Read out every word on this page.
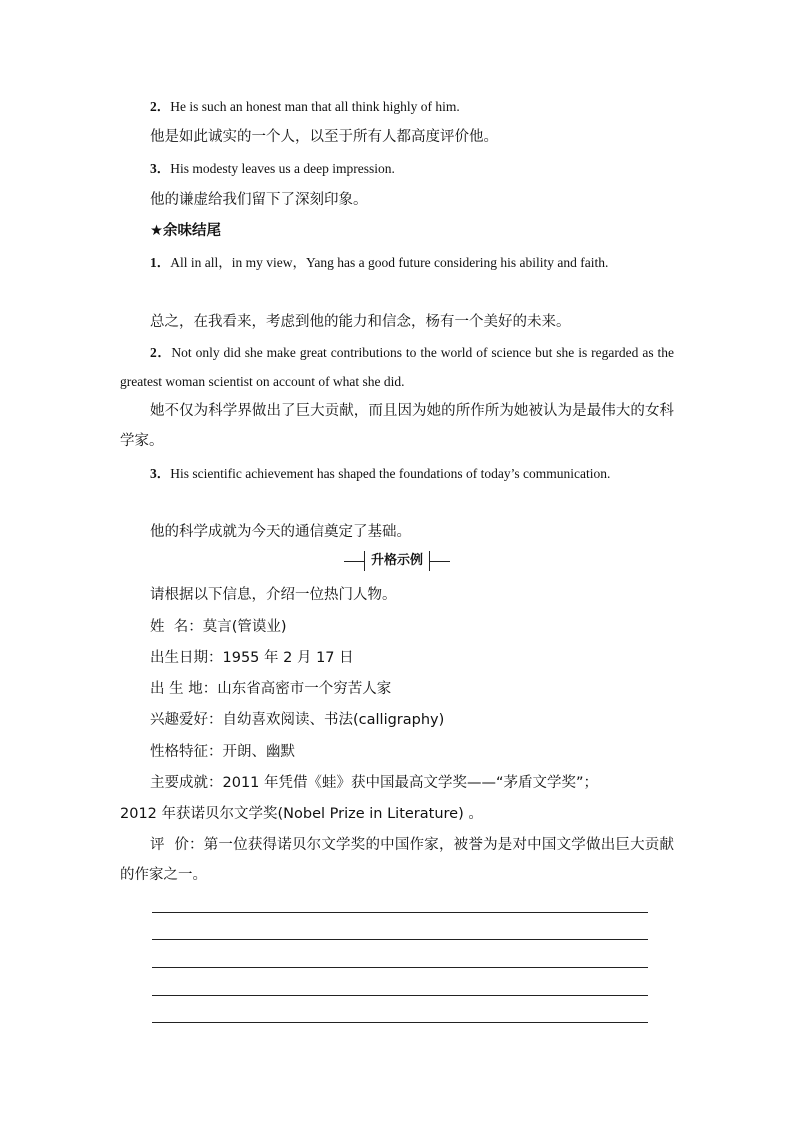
2．He is such an honest man that all think highly of him.
他是如此诚实的一个人，以至于所有人都高度评价他。
3．His modesty leaves us a deep impression.
他的谦虚给我们留下了深刻印象。
★余味结尾
1．All in all，in my view，Yang has a good future considering his ability and faith.
总之，在我看来，考虑到他的能力和信念，杨有一个美好的未来。
2．Not only did she make great contributions to the world of science but she is regarded as the greatest woman scientist on account of what she did.
她不仅为科学界做出了巨大贡献，而且因为她的所作所为她被认为是最伟大的女科学家。
3．His scientific achievement has shaped the foundations of today’s communication.
他的科学成就为今天的通信奠定了基础。
升格示例
请根据以下信息，介绍一位热门人物。
姓  名：莫言(管谟业)
出生日期：1955 年 2 月 17 日
出 生 地：山东省高密市一个穷苦人家
兴趣爱好：自幼喜欢阅读、书法(calligraphy)
性格特征：开朗、幽默
主要成就：2011 年凭借《蛙》获中国最高文学奖——“茅盾文学奖”；
2012 年获诺贝尔文学奖(Nobel Prize in Literature) 。
评  价：第一位获得诺贝尔文学奖的中国作家，被誉为是对中国文学做出巨大贡献的作家之一。
